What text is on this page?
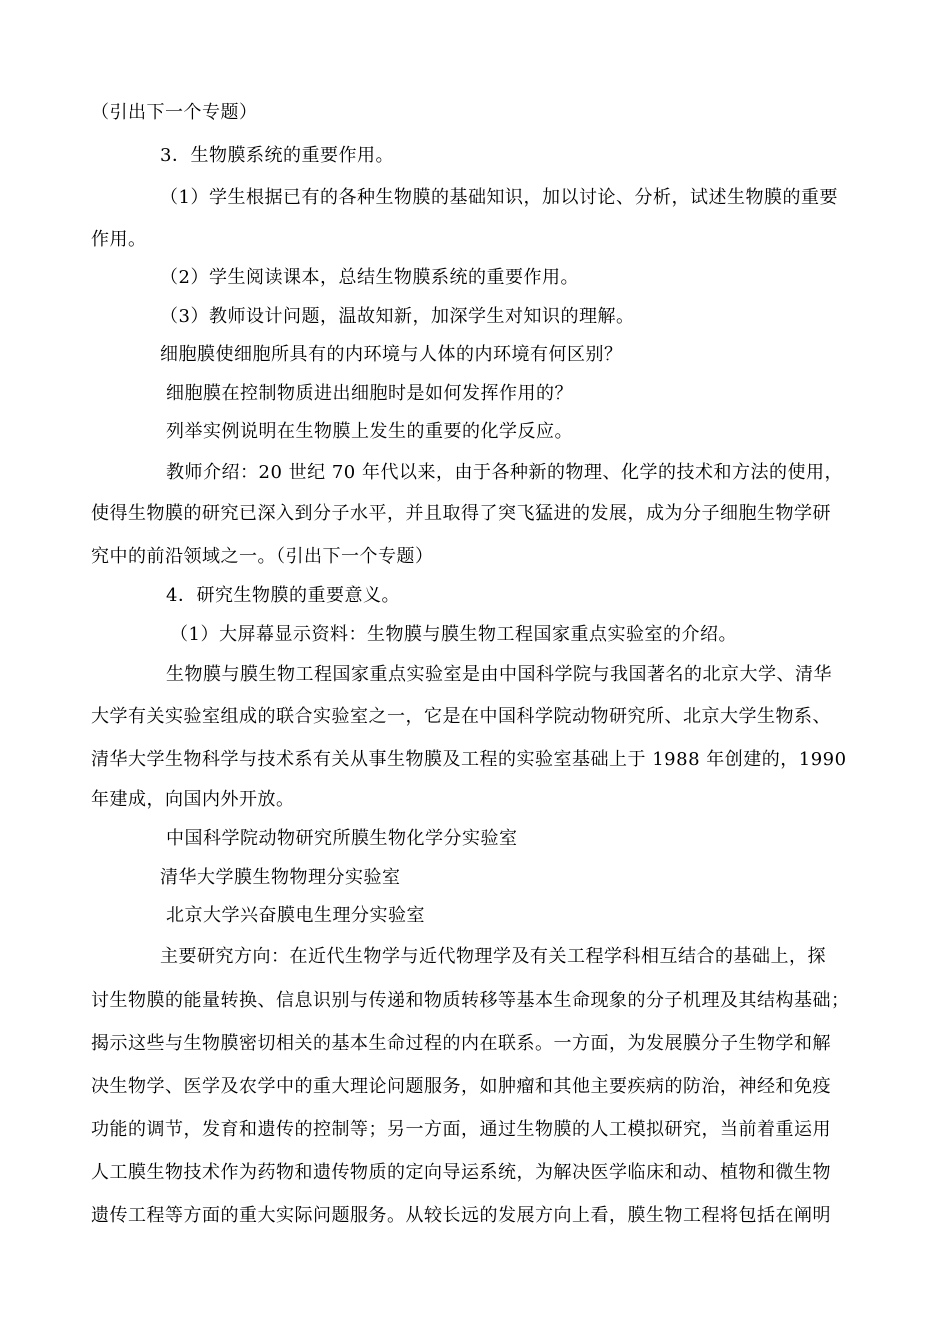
（引出下一个专题）
3．生物膜系统的重要作用。
（1）学生根据已有的各种生物膜的基础知识，加以讨论、分析，试述生物膜的重要
作用。
（2）学生阅读课本，总结生物膜系统的重要作用。
（3）教师设计问题，温故知新，加深学生对知识的理解。
细胞膜使细胞所具有的内环境与人体的内环境有何区别？
细胞膜在控制物质进出细胞时是如何发挥作用的？
列举实例说明在生物膜上发生的重要的化学反应。
教师介绍：20 世纪 70 年代以来，由于各种新的物理、化学的技术和方法的使用，
使得生物膜的研究已深入到分子水平，并且取得了突飞猛进的发展，成为分子细胞生物学研
究中的前沿领域之一。（引出下一个专题）
4．研究生物膜的重要意义。
（1）大屏幕显示资料：生物膜与膜生物工程国家重点实验室的介绍。
生物膜与膜生物工程国家重点实验室是由中国科学院与我国著名的北京大学、清华
大学有关实验室组成的联合实验室之一，它是在中国科学院动物研究所、北京大学生物系、
清华大学生物科学与技术系有关从事生物膜及工程的实验室基础上于 1988 年创建的，1990
年建成，向国内外开放。
中国科学院动物研究所膜生物化学分实验室
清华大学膜生物物理分实验室
北京大学兴奋膜电生理分实验室
主要研究方向：在近代生物学与近代物理学及有关工程学科相互结合的基础上，探
讨生物膜的能量转换、信息识别与传递和物质转移等基本生命现象的分子机理及其结构基础；
揭示这些与生物膜密切相关的基本生命过程的内在联系。一方面，为发展膜分子生物学和解
决生物学、医学及农学中的重大理论问题服务，如肿瘤和其他主要疾病的防治，神经和免疫
功能的调节，发育和遗传的控制等；另一方面，通过生物膜的人工模拟研究，当前着重运用
人工膜生物技术作为药物和遗传物质的定向导运系统，为解决医学临床和动、植物和微生物
遗传工程等方面的重大实际问题服务。从较长远的发展方向上看，膜生物工程将包括在阐明
